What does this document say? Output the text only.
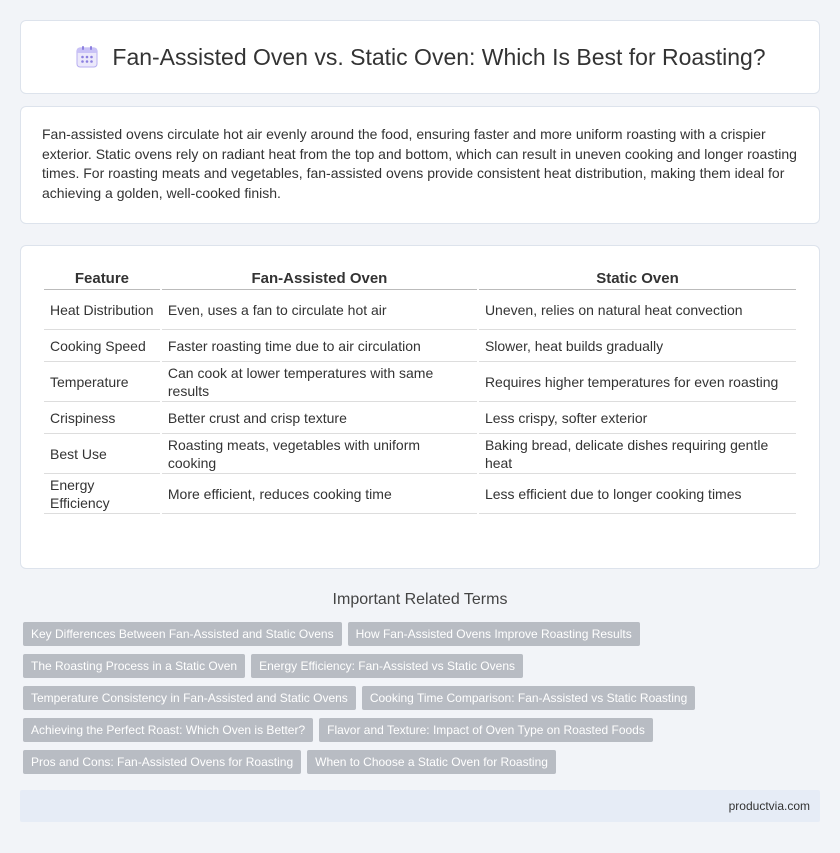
Fan-Assisted Oven vs. Static Oven: Which Is Best for Roasting?

Fan-assisted ovens circulate hot air evenly around the food, ensuring faster and more uniform roasting with a crispier exterior. Static ovens rely on radiant heat from the top and bottom, which can result in uneven cooking and longer roasting times. For roasting meats and vegetables, fan-assisted ovens provide consistent heat distribution, making them ideal for achieving a golden, well-cooked finish.

Feature	Fan-Assisted Oven	Static Oven
Heat Distribution	Even, uses a fan to circulate hot air	Uneven, relies on natural heat convection
Cooking Speed	Faster roasting time due to air circulation	Slower, heat builds gradually
Temperature	Can cook at lower temperatures with same results	Requires higher temperatures for even roasting
Crispiness	Better crust and crisp texture	Less crispy, softer exterior
Best Use	Roasting meats, vegetables with uniform cooking	Baking bread, delicate dishes requiring gentle heat
Energy Efficiency	More efficient, reduces cooking time	Less efficient due to longer cooking times
Important Related Terms
Key Differences Between Fan-Assisted and Static Ovens	How Fan-Assisted Ovens Improve Roasting Results
The Roasting Process in a Static Oven	Energy Efficiency: Fan-Assisted vs Static Ovens
Temperature Consistency in Fan-Assisted and Static Ovens	Cooking Time Comparison: Fan-Assisted vs Static Roasting
Achieving the Perfect Roast: Which Oven is Better?	Flavor and Texture: Impact of Oven Type on Roasted Foods
Pros and Cons: Fan-Assisted Ovens for Roasting	When to Choose a Static Oven for Roasting
productvia.com
